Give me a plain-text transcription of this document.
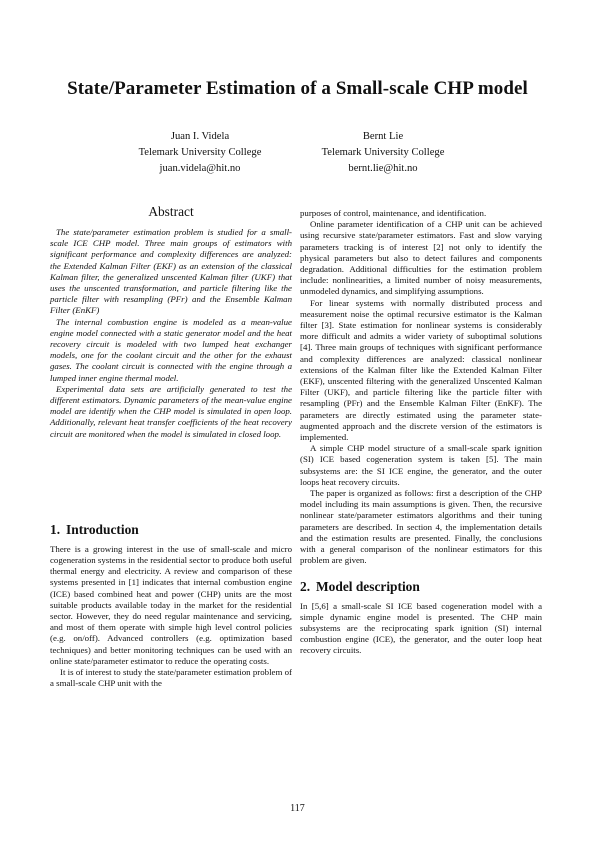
State/Parameter Estimation of a Small-scale CHP model
Juan I. Videla
Telemark University College
juan.videla@hit.no
Bernt Lie
Telemark University College
bernt.lie@hit.no
Abstract

The state/parameter estimation problem is studied for a small-scale ICE CHP model. Three main groups of estimators with significant performance and complexity differences are analyzed: the Extended Kalman Filter (EKF) as an extension of the classical Kalman filter, the generalized unscented Kalman filter (UKF) that uses the unscented transformation, and particle filtering like the particle filter with resampling (PFr) and the Ensemble Kalman Filter (EnKF)

The internal combustion engine is modeled as a mean-value engine model connected with a static generator model and the heat recovery circuit is modeled with two lumped heat exchanger models, one for the coolant circuit and the other for the exhaust gases. The coolant circuit is connected with the engine through a lumped inner engine thermal model.

Experimental data sets are artificially generated to test the different estimators. Dynamic parameters of the mean-value engine model are identify when the CHP model is simulated in open loop. Additionally, relevant heat transfer coefficients of the heat recovery circuit are monitored when the model is simulated in closed loop.

1. Introduction

There is a growing interest in the use of small-scale and micro cogeneration systems in the residential sector to produce both useful thermal energy and electricity. A review and comparison of these systems presented in [1] indicates that internal combustion engine (ICE) based combined heat and power (CHP) units are the most suitable products available today in the market for the residential sector. However, they do need regular maintenance and servicing, and most of them operate with simple high level control policies (e.g. on/off). Advanced controllers (e.g. optimization based techniques) and better monitoring techniques can be used with an online state/parameter estimator to reduce the operating costs.

It is of interest to study the state/parameter estimation problem of a small-scale CHP unit with the

purposes of control, maintenance, and identification.

Online parameter identification of a CHP unit can be achieved using recursive state/parameter estimators. Fast and slow varying parameters tracking is of interest [2] not only to identify the physical parameters but also to detect failures and components degradation. Additional difficulties for the estimation problem include: nonlinearities, a limited number of noisy measurements, unmodeled dynamics, and simplifying assumptions.

For linear systems with normally distributed process and measurement noise the optimal recursive estimator is the Kalman filter [3]. State estimation for nonlinear systems is considerably more difficult and admits a wider variety of suboptimal solutions [4]. Three main groups of techniques with significant performance and complexity differences are analyzed: classical nonlinear extensions of the Kalman filter like the Extended Kalman Filter (EKF), unscented filtering with the generalized Unscented Kalman Filter (UKF), and particle filtering like the particle filter with resampling (PFr) and the Ensemble Kalman Filter (EnKF). The parameters are directly estimated using the parameter state-augmented approach and the discrete version of the estimators is implemented.

A simple CHP model structure of a small-scale spark ignition (SI) ICE based cogeneration system is taken [5]. The main subsystems are: the SI ICE engine, the generator, and the outer loops heat recovery circuits.

The paper is organized as follows: first a description of the CHP model including its main assumptions is given. Then, the recursive nonlinear state/parameter estimators algorithms and their tuning parameters are described. In section 4, the implementation details and the estimation results are presented. Finally, the conclusions with a general comparison of the nonlinear estimators for this problem are given.

2. Model description

In [5,6] a small-scale SI ICE based cogeneration model with a simple dynamic engine model is presented. The CHP main subsystems are the reciprocating spark ignition (SI) internal combustion engine (ICE), the generator, and the outer loop heat recovery circuits.

117
